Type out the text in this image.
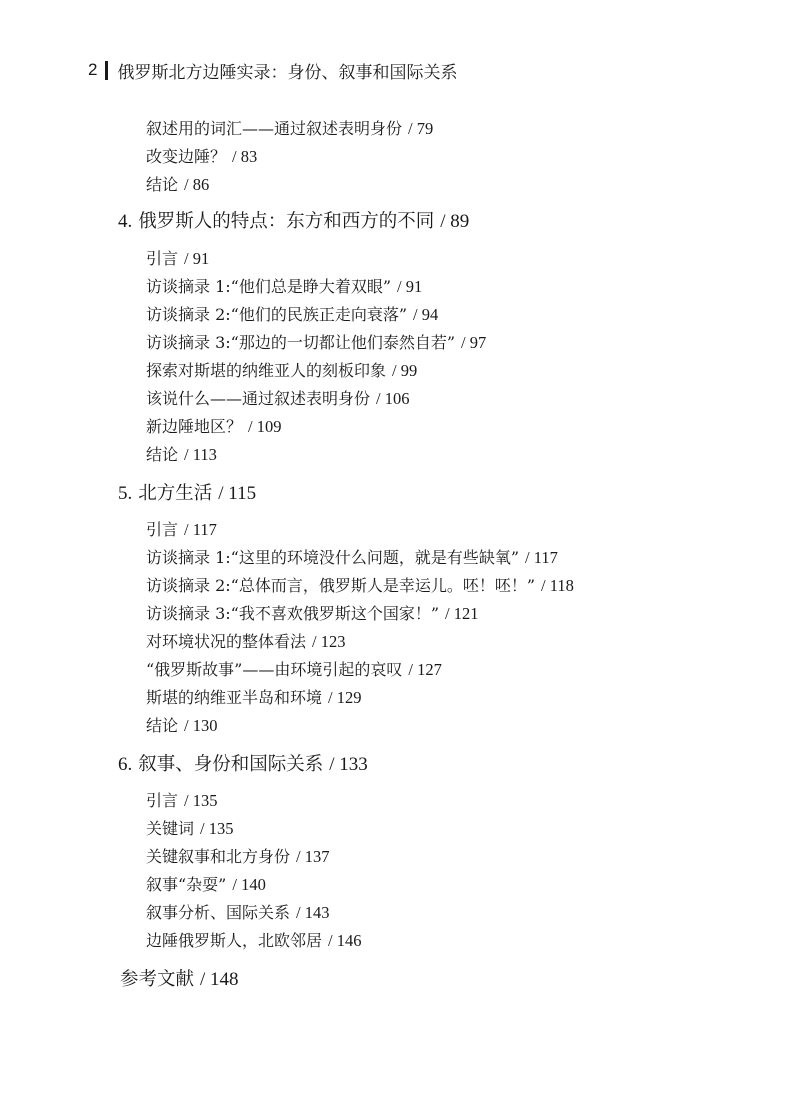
2 俄罗斯北方边陲实录：身份、叙事和国际关系
叙述用的词汇——通过叙述表明身份 / 79
改变边陲？ / 83
结论 / 86
4. 俄罗斯人的特点：东方和西方的不同 / 89
引言 / 91
访谈摘录 1:“他们总是睁大着双眼” / 91
访谈摘录 2:“他们的民族正走向衰落” / 94
访谈摘录 3:“那边的一切都让他们泰然自若” / 97
探索对斯堪的纳维亚人的刻板印象 / 99
该说什么——通过叙述表明身份 / 106
新边陲地区？ / 109
结论 / 113
5. 北方生活 / 115
引言 / 117
访谈摘录 1:“这里的环境没什么问题，就是有些缺氧” / 117
访谈摘录 2:“总体而言，俄罗斯人是幸运儿。呸！呸！” / 118
访谈摘录 3:“我不喜欢俄罗斯这个国家！” / 121
对环境状况的整体看法 / 123
“俄罗斯故事”——由环境引起的哀叹 / 127
斯堪的纳维亚半岛和环境 / 129
结论 / 130
6. 叙事、身份和国际关系 / 133
引言 / 135
关键词 / 135
关键叙事和北方身份 / 137
叙事“杂耍” / 140
叙事分析、国际关系 / 143
边陲俄罗斯人，北欧邻居 / 146
参考文献 / 148
